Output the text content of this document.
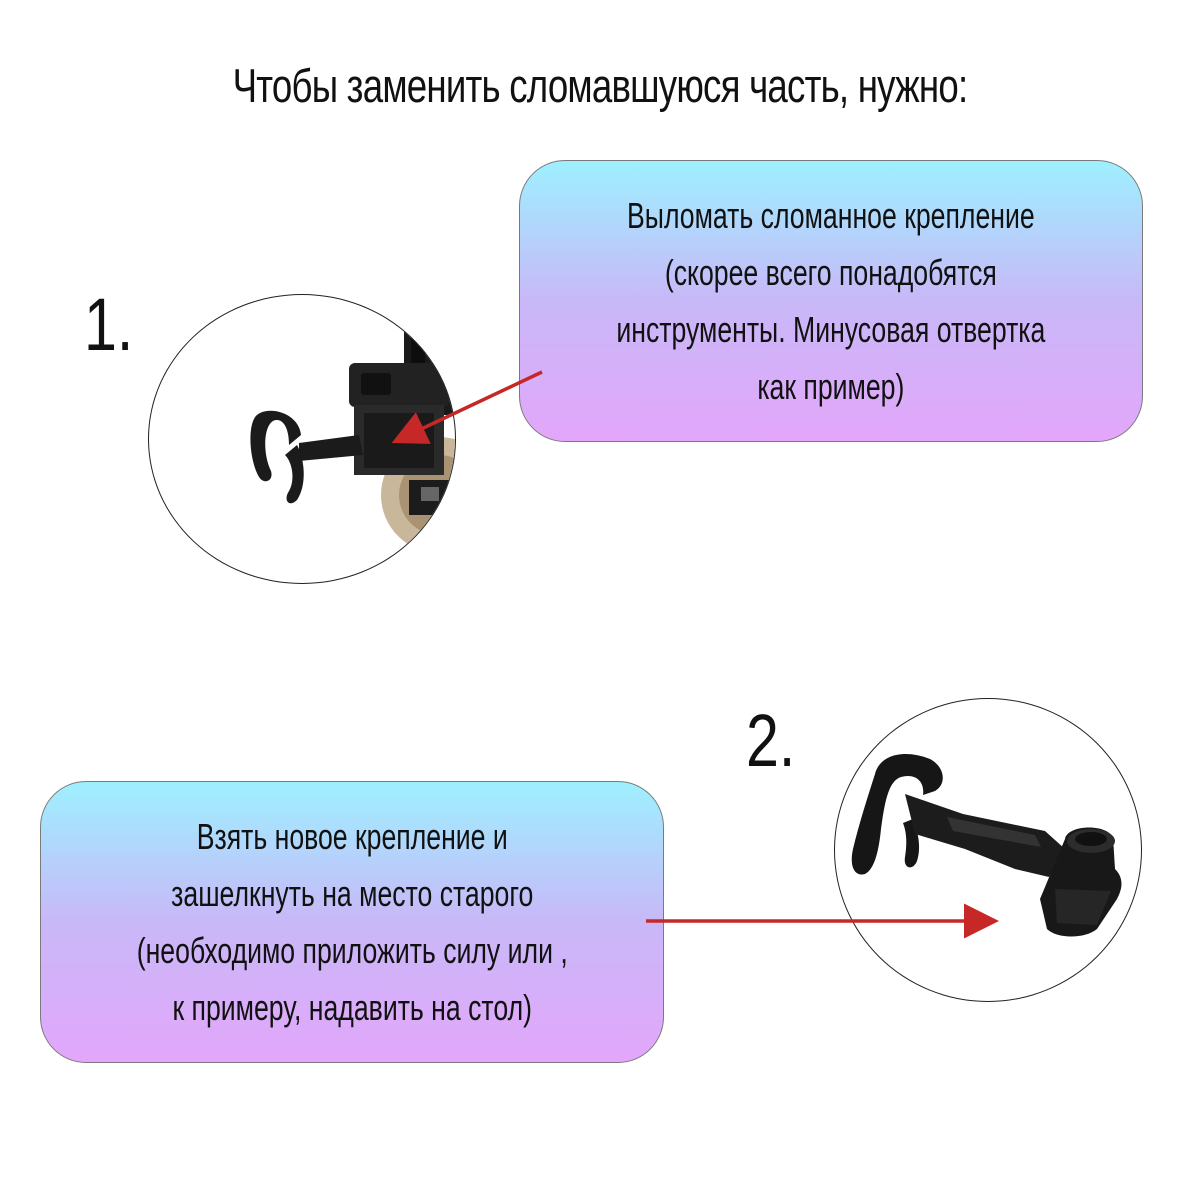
Чтобы заменить сломавшуюся часть, нужно:
1.
Выломать сломанное крепление
(скорее всего понадобятся
инструменты. Минусовая отвертка
как пример)
2.
Взять новое крепление и
зашелкнуть на место старого
(необходимо приложить силу или ,
к примеру, надавить на стол)
